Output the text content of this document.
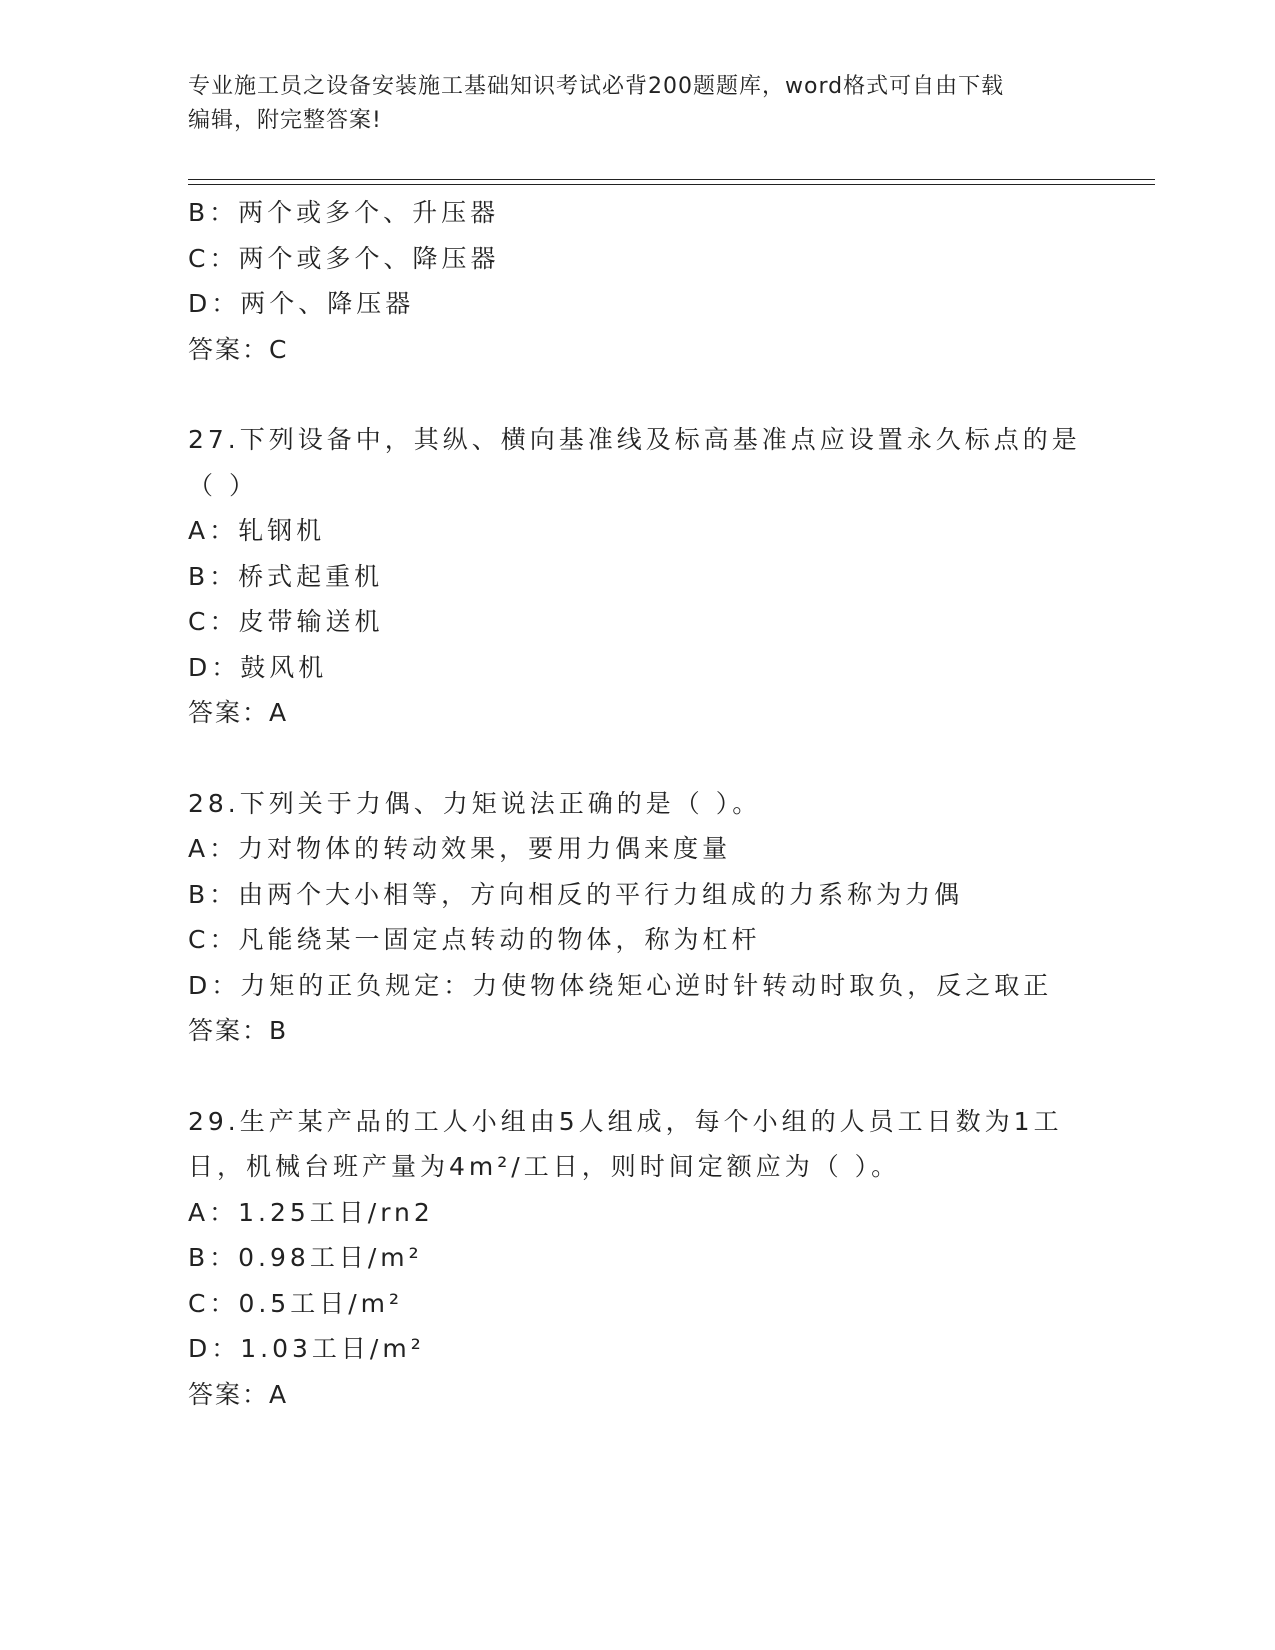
专业施工员之设备安装施工基础知识考试必背200题题库，word格式可自由下载
编辑，附完整答案!
B：两个或多个、升压器
C：两个或多个、降压器
D：两个、降压器
答案：C
27.下列设备中，其纵、横向基准线及标高基准点应设置永久标点的是
（ ）
A：轧钢机
B：桥式起重机
C：皮带输送机
D：鼓风机
答案：A
28.下列关于力偶、力矩说法正确的是（ ）。
A：力对物体的转动效果，要用力偶来度量
B：由两个大小相等，方向相反的平行力组成的力系称为力偶
C：凡能绕某一固定点转动的物体，称为杠杆
D：力矩的正负规定：力使物体绕矩心逆时针转动时取负，反之取正
答案：B
29.生产某产品的工人小组由5人组成，每个小组的人员工日数为1工
日，机械台班产量为4m²/工日，则时间定额应为（ ）。
A：1.25工日/rn2
B：0.98工日/m²
C：0.5工日/m²
D：1.03工日/m²
答案：A
